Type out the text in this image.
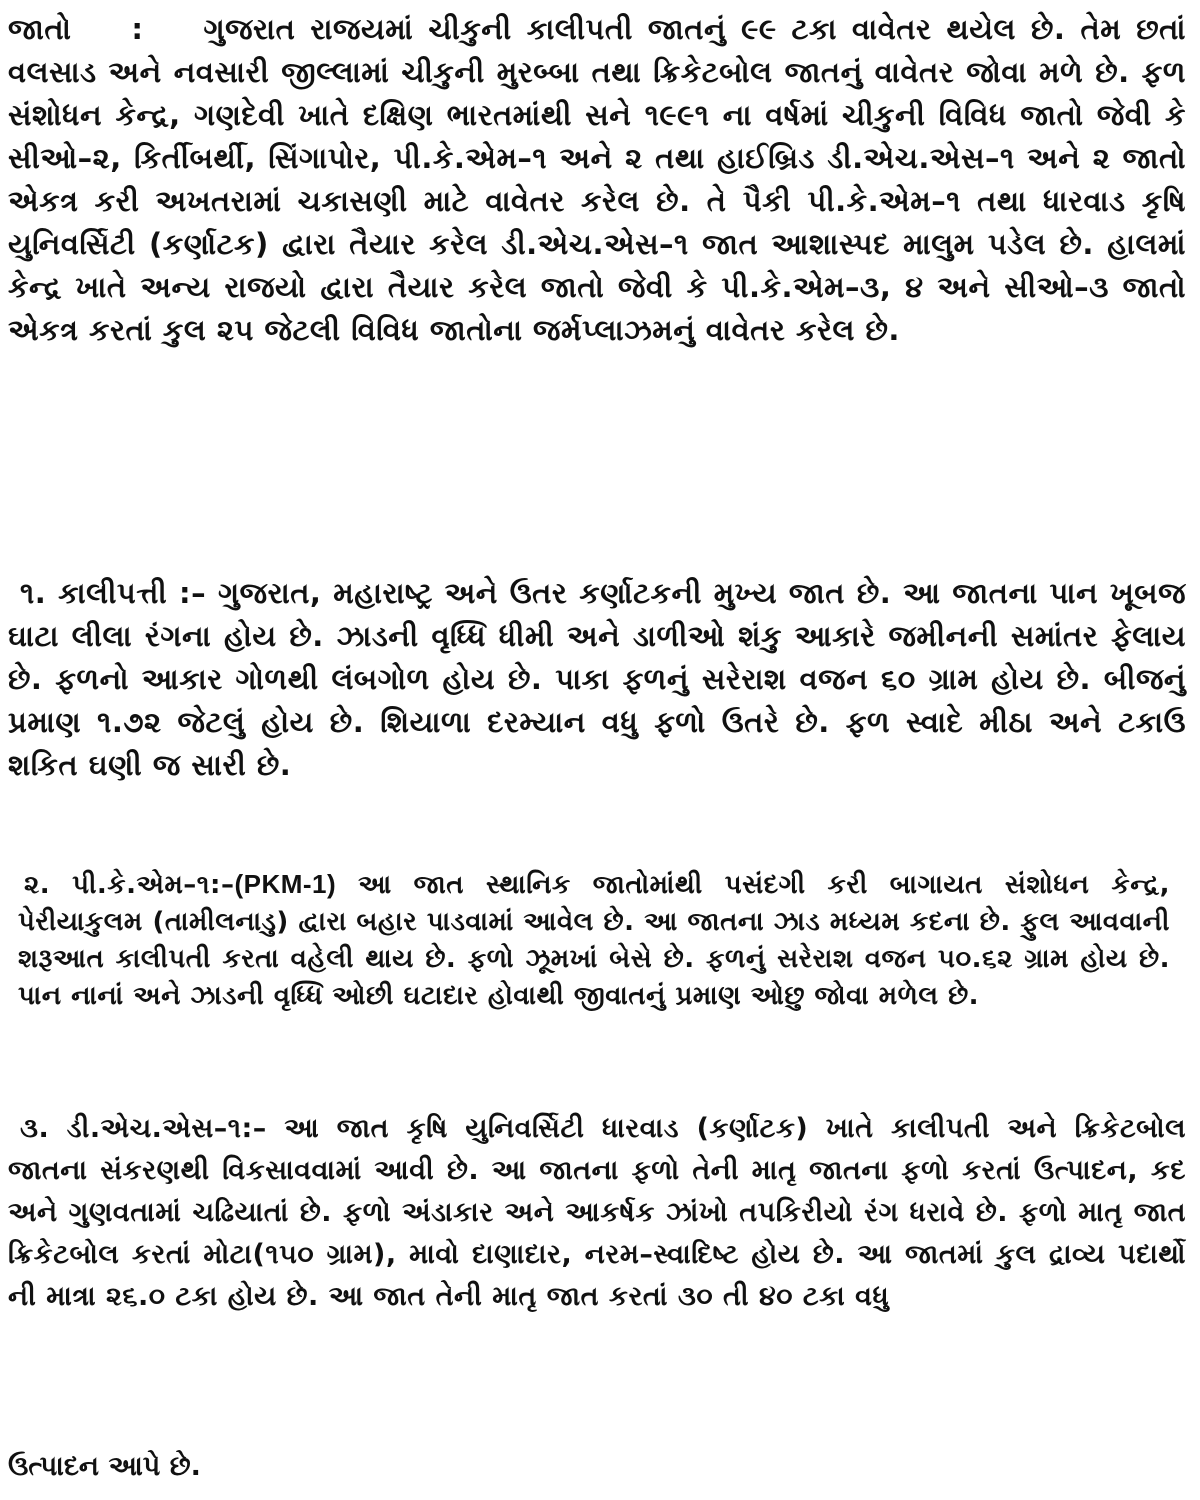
જાતો : ગુજરાત રાજયમાં ચીકુની કાલીપતી જાતનું ૯૯ ટકા વાવેતર થયેલ છે. તેમ છતાં વલસાડ અને નવસારી જીલ્લામાં ચીકુની મુરબ્બા તથા ક્રિકેટબોલ જાતનું વાવેતર જોવા મળે છે. ફળ સંશોધન કેન્દ્ર, ગણદેવી ખાતે દક્ષિણ ભારતમાંથી સને ૧૯૯૧ ના વર્ષમાં ચીકુની વિવિધ જાતો જેવી કે સીઓ–૨, કિર્તીબર્થી, સિંગાપોર, પી.કે.એમ–૧ અને ૨ તથા હાઈબ્રિડ ડી.એચ.એસ–૧ અને ૨ જાતો એકત્ર કરી અખતરામાં ચકાસણી માટે વાવેતર કરેલ છે. તે પૈકી પી.કે.એમ–૧ તથા ધારવાડ કૃષિ યુનિવર્સિટી (કર્ણાટક) દ્વારા તૈયાર કરેલ ડી.એચ.એસ–૧ જાત આશાસ્પદ માલુમ પડેલ છે. હાલમાં કેન્દ્ર ખાતે અન્ય રાજયો દ્વારા તૈયાર કરેલ જાતો જેવી કે પી.કે.એમ–૩, ૪ અને સીઓ–૩ જાતો એકત્ર કરતાં કુલ ૨૫ જેટલી વિવિધ જાતોના જર્મપ્લાઝમનું વાવેતર કરેલ છે.

૧. કાલીપત્તી :– ગુજરાત, મહારાષ્ટ્ર અને ઉતર કર્ણાટકની મુખ્ય જાત છે. આ જાતના પાન ખૂબજ ઘાટા લીલા રંગના હોય છે. ઝાડની વૃધ્ધિ ધીમી અને ડાળીઓ શંકુ આકારે જમીનની સમાંતર ફેલાય છે. ફળનો આકાર ગોળથી લંબગોળ હોય છે. પાકા ફળનું સરેરાશ વજન ૬૦ ગ્રામ હોય છે. બીજનું પ્રમાણ ૧.૭૨ જેટલું હોય છે. શિયાળા દરમ્યાન વધુ ફળો ઉતરે છે. ફળ સ્વાદે મીઠા અને ટકાઉ શકિત ઘણી જ સારી છે.

૨. પી.કે.એમ–૧:–(PKM-1) આ જાત સ્થાનિક જાતોમાંથી પસંદગી કરી બાગાયત સંશોધન કેન્દ્ર, પેરીયાકુલમ (તામીલનાડુ) દ્વારા બહાર પાડવામાં આવેલ છે. આ જાતના ઝાડ મધ્યમ કદના છે. ફુલ આવવાની શરૂઆત કાલીપતી કરતા વહેલી થાય છે. ફળો ઝૂમખાં બેસે છે. ફળનું સરેરાશ વજન ૫૦.૬૨ ગ્રામ હોય છે. પાન નાનાં અને ઝાડની વૃધ્ધિ ઓછી ઘટાદાર હોવાથી જીવાતનું પ્રમાણ ઓછુ જોવા મળેલ છે.

૩. ડી.એચ.એસ–૧:– આ જાત કૃષિ યુનિવર્સિટી ધારવાડ (કર્ણાટક) ખાતે કાલીપતી અને ક્રિકેટબોલ જાતના સંકરણથી વિકસાવવામાં આવી છે. આ જાતના ફળો તેની માતૃ જાતના ફળો કરતાં ઉત્પાદન, કદ અને ગુણવતામાં ચઢિયાતાં છે. ફળો અંડાકાર અને આકર્ષક ઝાંખો તપકિરીયો રંગ ધરાવે છે. ફળો માતૃ જાત ક્રિકેટબોલ કરતાં મોટા(૧૫૦ ગ્રામ), માવો દાણાદાર, નરમ–સ્વાદિષ્ટ હોય છે. આ જાતમાં કુલ દ્રાવ્ય પદાર્થો ની માત્રા ૨૬.૦ ટકા હોય છે. આ જાત તેની માતૃ જાત કરતાં ૩૦ તી ૪૦ ટકા વધુ

ઉત્પાદન આપે છે.
